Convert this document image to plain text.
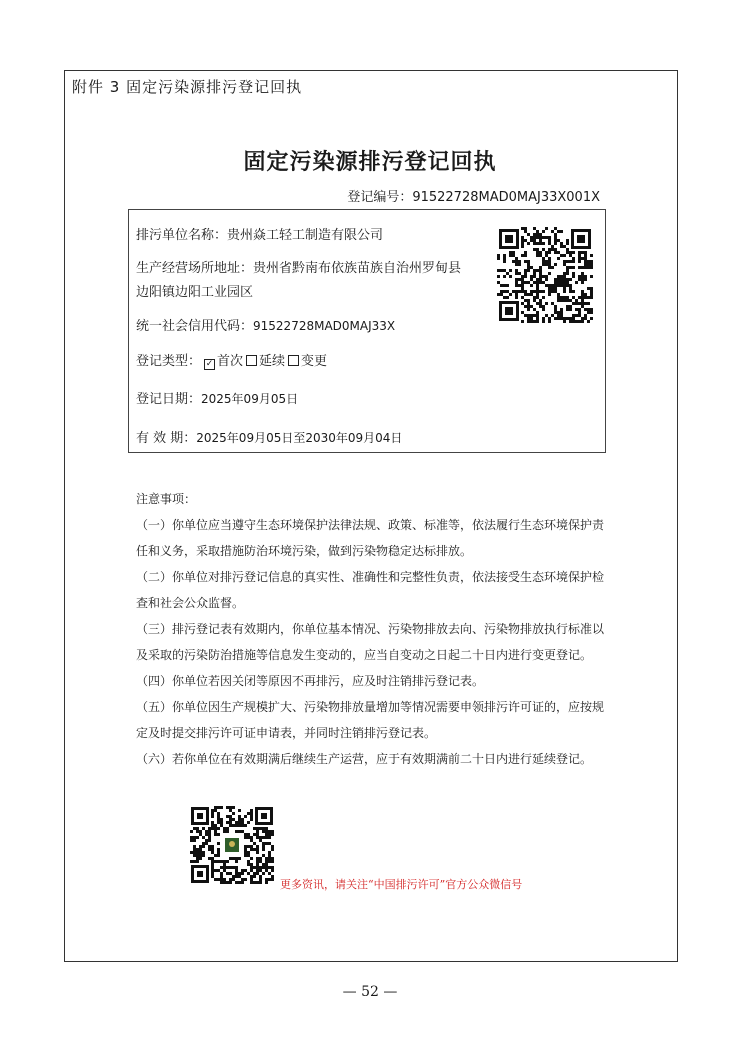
附件 3 固定污染源排污登记回执
固定污染源排污登记回执
登记编号：91522728MAD0MAJ33X001X
排污单位名称：贵州焱工轻工制造有限公司
生产经营场所地址：贵州省黔南布依族苗族自治州罗甸县
边阳镇边阳工业园区
统一社会信用代码：91522728MAD0MAJ33X
登记类型： ✓ 首次 延续 变更
登记日期：2025年09月05日
有 效 期：2025年09月05日至2030年09月04日

注意事项：

（一）你单位应当遵守生态环境保护法律法规、政策、标准等，依法履行生态环境保护责任和义务，采取措施防治环境污染，做到污染物稳定达标排放。

（二）你单位对排污登记信息的真实性、准确性和完整性负责，依法接受生态环境保护检查和社会公众监督。

（三）排污登记表有效期内，你单位基本情况、污染物排放去向、污染物排放执行标准以及采取的污染防治措施等信息发生变动的，应当自变动之日起二十日内进行变更登记。

（四）你单位若因关闭等原因不再排污，应及时注销排污登记表。

（五）你单位因生产规模扩大、污染物排放量增加等情况需要申领排污许可证的，应按规定及时提交排污许可证申请表，并同时注销排污登记表。

（六）若你单位在有效期满后继续生产运营，应于有效期满前二十日内进行延续登记。

更多资讯，请关注“中国排污许可”官方公众微信号
— 52 —
